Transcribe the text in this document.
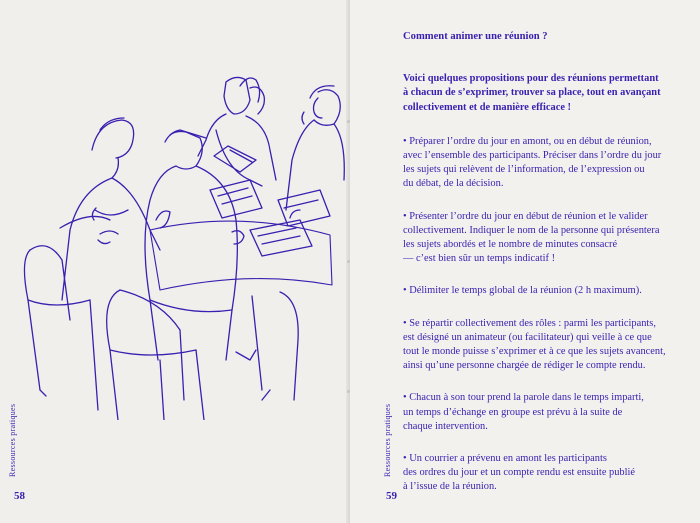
Ressources pratiques
58
Ressources pratiques
59

Comment animer une réunion ?

Voici quelques propositions pour des réunions permettant
à chacun de s’exprimer, trouver sa place, tout en avançant
collectivement et de manière efficace !

• Préparer l’ordre du jour en amont, ou en début de réunion,
avec l’ensemble des participants. Préciser dans l’ordre du jour
les sujets qui relèvent de l’information, de l’expression ou
du débat, de la décision.

• Présenter l’ordre du jour en début de réunion et le valider
collectivement. Indiquer le nom de la personne qui présentera
les sujets abordés et le nombre de minutes consacré
— c’est bien sûr un temps indicatif !

• Délimiter le temps global de la réunion (2 h maximum).

• Se répartir collectivement des rôles : parmi les participants,
est désigné un animateur (ou facilitateur) qui veille à ce que
tout le monde puisse s’exprimer et à ce que les sujets avancent,
ainsi qu’une personne chargée de rédiger le compte rendu.

• Chacun à son tour prend la parole dans le temps imparti,
un temps d’échange en groupe est prévu à la suite de
chaque intervention.

• Un courrier a prévenu en amont les participants
des ordres du jour et un compte rendu est ensuite publié
à l’issue de la réunion.
